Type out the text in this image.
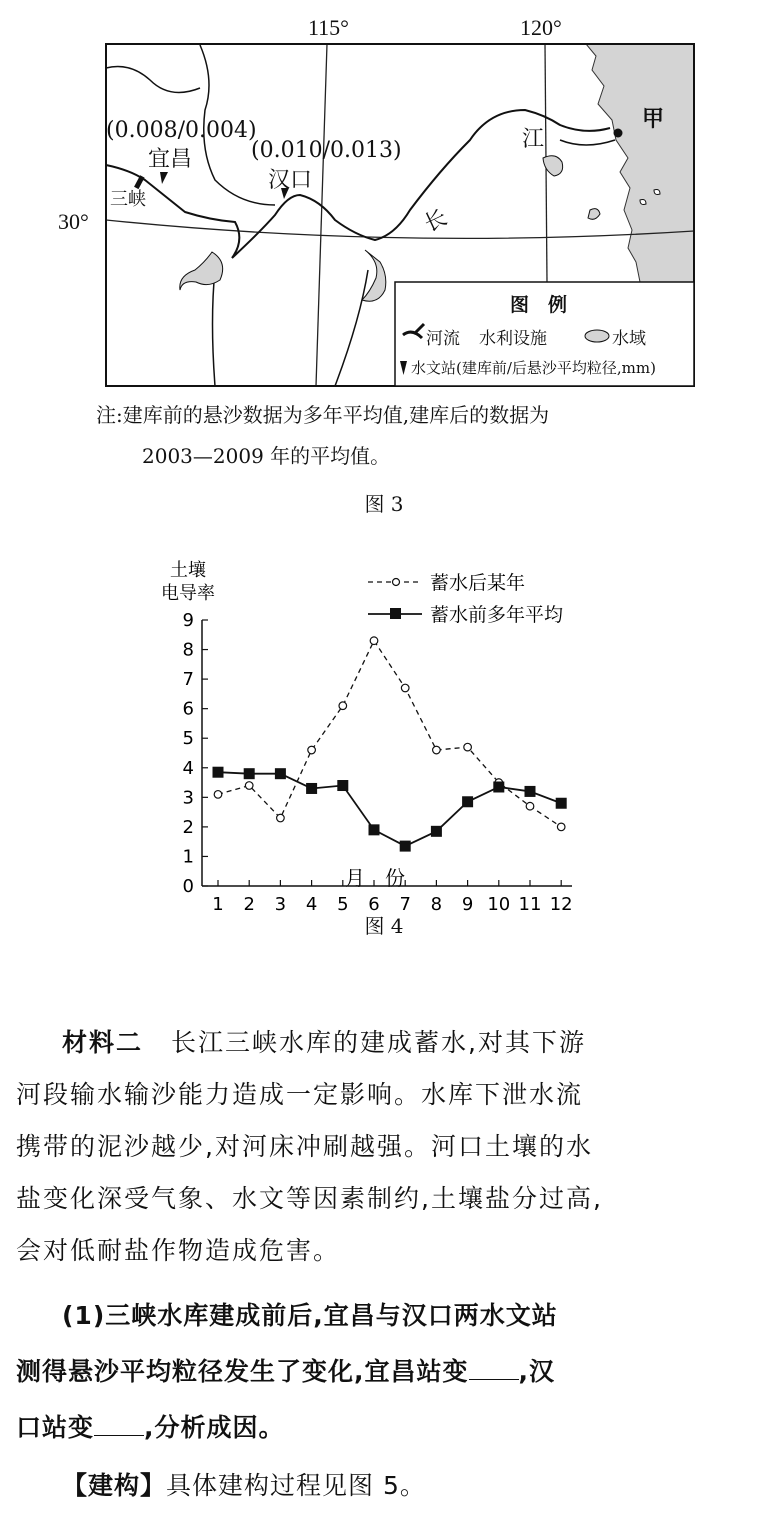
115°	120°
30°
甲
江
长
(0.008/0.004)
宜昌
三峡
(0.010/0.013)
汉口
图　例
河流 水利设施	水域
水文站(建库前/后悬沙平均粒径,mm)
注:建库前的悬沙数据为多年平均值,建库后的数据为
2003—2009 年的平均值。
图 3
土壤
电导率	蓄水后某年
蓄水前多年平均
月　份
0
1
2
3
4
5
6
7
8
9
1 2 3 4 5 6 7 8 9 10 11 12
图 4
材料二 长江三峡水库的建成蓄水,对其下游
河段输水输沙能力造成一定影响。水库下泄水流
携带的泥沙越少,对河床冲刷越强。河口土壤的水
盐变化深受气象、水文等因素制约,土壤盐分过高,
会对低耐盐作物造成危害。
(1)三峡水库建成前后,宜昌与汉口两水文站
测得悬沙平均粒径发生了变化,宜昌站变 ,汉
口站变 ,分析成因。
【建构】具体建构过程见图 5。
